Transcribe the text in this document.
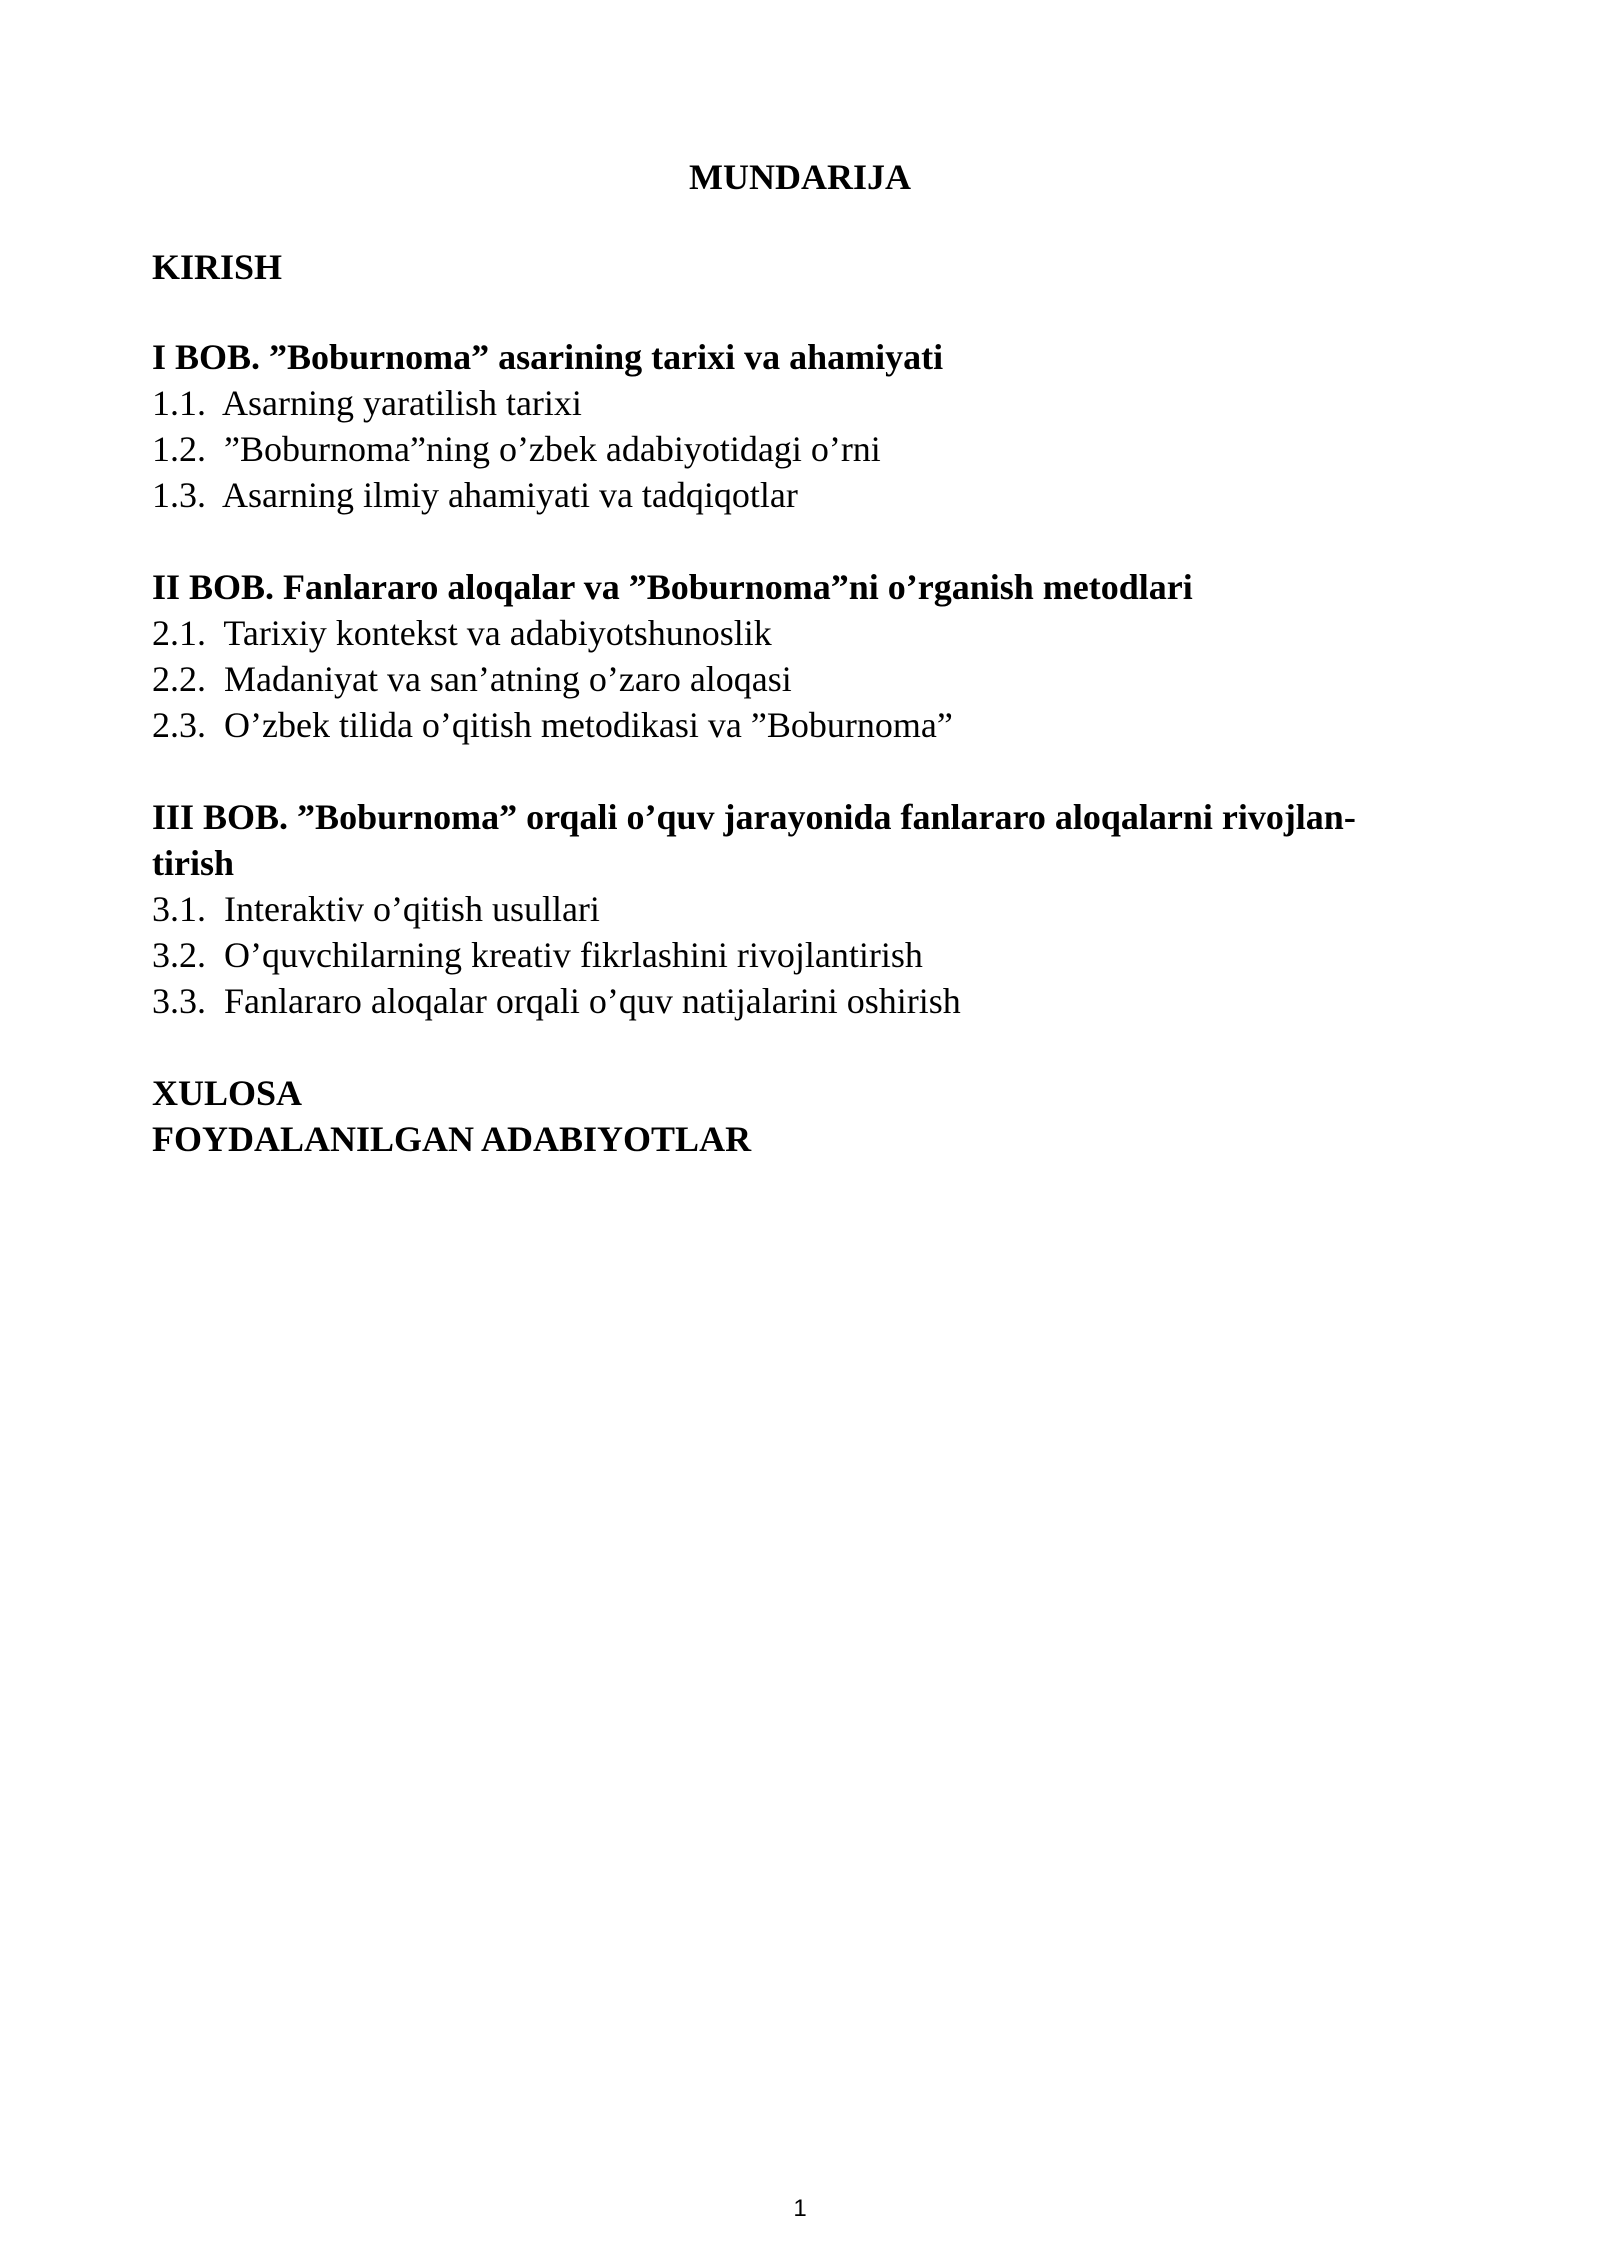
MUNDARIJA
KIRISH
I BOB. ”Boburnoma” asarining tarixi va ahamiyati
1.1.  Asarning yaratilish tarixi
1.2.  ”Boburnoma”ning o’zbek adabiyotidagi o’rni
1.3.  Asarning ilmiy ahamiyati va tadqiqotlar
II BOB. Fanlararo aloqalar va ”Boburnoma”ni o’rganish metodlari
2.1.  Tarixiy kontekst va adabiyotshunoslik
2.2.  Madaniyat va san’atning o’zaro aloqasi
2.3.  O’zbek tilida o’qitish metodikasi va ”Boburnoma”
III BOB. ”Boburnoma” orqali o’quv jarayonida fanlararo aloqalarni rivojlan-
tirish
3.1.  Interaktiv o’qitish usullari
3.2.  O’quvchilarning kreativ fikrlashini rivojlantirish
3.3.  Fanlararo aloqalar orqali o’quv natijalarini oshirish
XULOSA
FOYDALANILGAN ADABIYOTLAR
1
